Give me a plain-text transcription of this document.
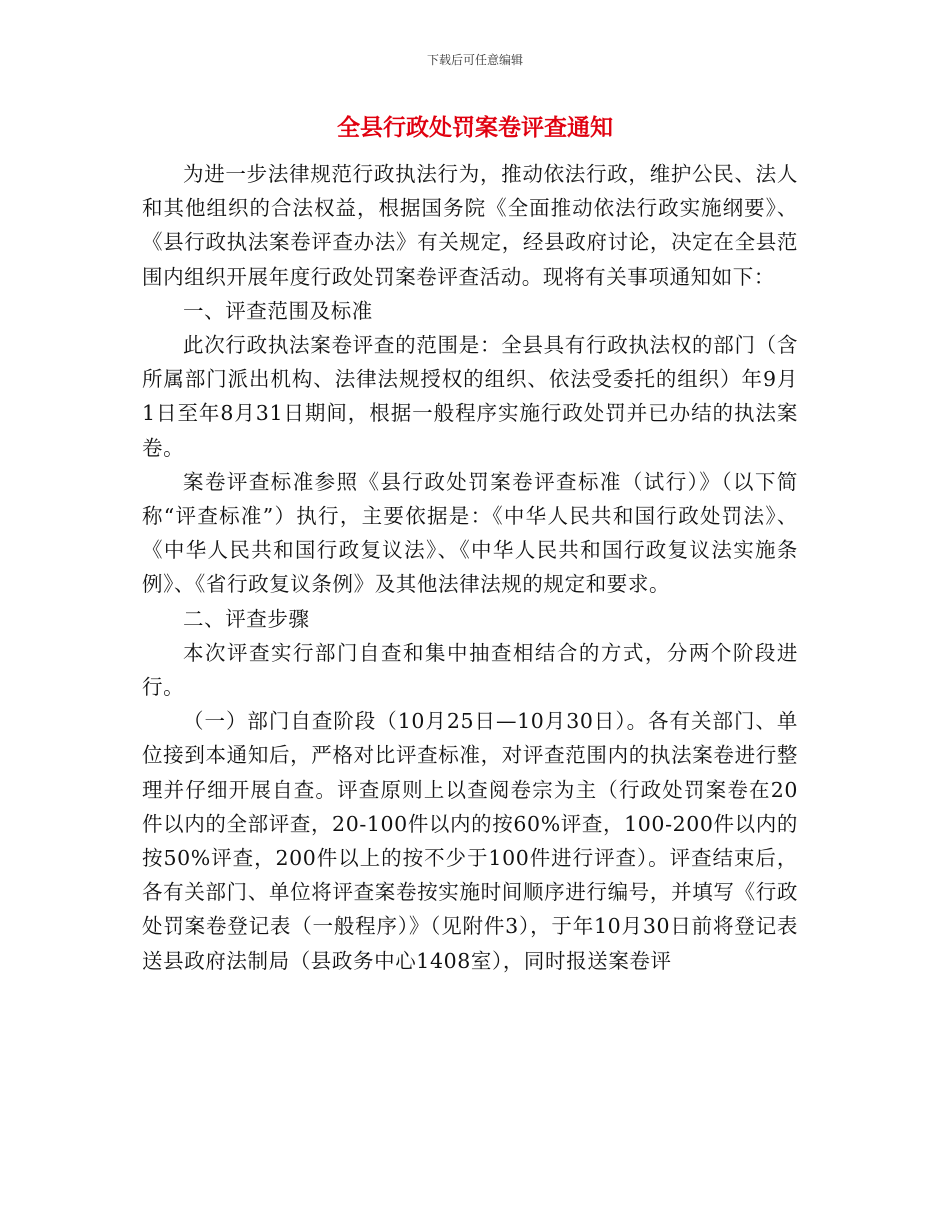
下载后可任意编辑
全县行政处罚案卷评查通知

为进一步法律规范行政执法行为，推动依法行政，维护公民、法人和其他组织的合法权益，根据国务院《全面推动依法行政实施纲要》、《县行政执法案卷评查办法》有关规定，经县政府讨论，决定在全县范围内组织开展年度行政处罚案卷评查活动。现将有关事项通知如下：

一、评查范围及标准

此次行政执法案卷评查的范围是：全县具有行政执法权的部门（含所属部门派出机构、法律法规授权的组织、依法受委托的组织）年9月1日至年8月31日期间，根据一般程序实施行政处罚并已办结的执法案卷。

案卷评查标准参照《县行政处罚案卷评查标准（试行）》（以下简称“评查标准”）执行，主要依据是：《中华人民共和国行政处罚法》、《中华人民共和国行政复议法》、《中华人民共和国行政复议法实施条例》、《省行政复议条例》及其他法律法规的规定和要求。

二、评查步骤

本次评查实行部门自查和集中抽查相结合的方式，分两个阶段进行。

（一）部门自查阶段（10月25日—10月30日）。各有关部门、单位接到本通知后，严格对比评查标准，对评查范围内的执法案卷进行整理并仔细开展自查。评查原则上以查阅卷宗为主（行政处罚案卷在20件以内的全部评查，20-100件以内的按60%评查，100-200件以内的按50%评查，200件以上的按不少于100件进行评查）。评查结束后，各有关部门、单位将评查案卷按实施时间顺序进行编号，并填写《行政处罚案卷登记表（一般程序）》（见附件3），于年10月30日前将登记表送县政府法制局（县政务中心1408室），同时报送案卷评
